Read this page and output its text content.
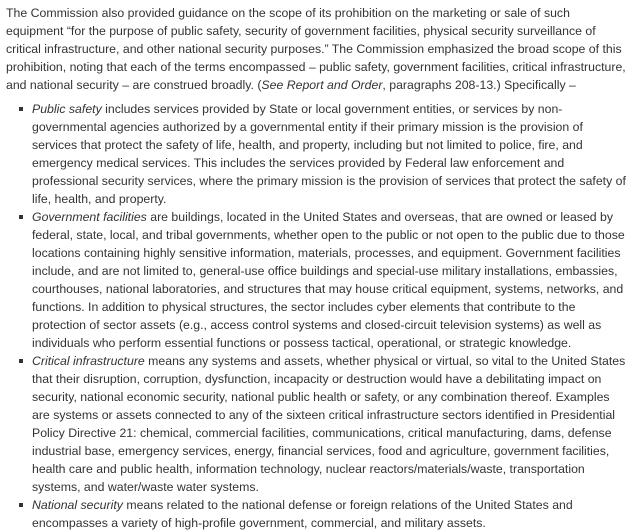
The Commission also provided guidance on the scope of its prohibition on the marketing or sale of such equipment “for the purpose of public safety, security of government facilities, physical security surveillance of critical infrastructure, and other national security purposes.” The Commission emphasized the broad scope of this prohibition, noting that each of the terms encompassed – public safety, government facilities, critical infrastructure, and national security – are construed broadly. (See Report and Order, paragraphs 208-13.) Specifically –

Public safety includes services provided by State or local government entities, or services by non-governmental agencies authorized by a governmental entity if their primary mission is the provision of services that protect the safety of life, health, and property, including but not limited to police, fire, and emergency medical services. This includes the services provided by Federal law enforcement and professional security services, where the primary mission is the provision of services that protect the safety of life, health, and property.
Government facilities are buildings, located in the United States and overseas, that are owned or leased by federal, state, local, and tribal governments, whether open to the public or not open to the public due to those locations containing highly sensitive information, materials, processes, and equipment. Government facilities include, and are not limited to, general-use office buildings and special-use military installations, embassies, courthouses, national laboratories, and structures that may house critical equipment, systems, networks, and functions. In addition to physical structures, the sector includes cyber elements that contribute to the protection of sector assets (e.g., access control systems and closed-circuit television systems) as well as individuals who perform essential functions or possess tactical, operational, or strategic knowledge.
Critical infrastructure means any systems and assets, whether physical or virtual, so vital to the United States that their disruption, corruption, dysfunction, incapacity or destruction would have a debilitating impact on security, national economic security, national public health or safety, or any combination thereof. Examples are systems or assets connected to any of the sixteen critical infrastructure sectors identified in Presidential Policy Directive 21: chemical, commercial facilities, communications, critical manufacturing, dams, defense industrial base, emergency services, energy, financial services, food and agriculture, government facilities, health care and public health, information technology, nuclear reactors/materials/waste, transportation systems, and water/waste water systems.
National security means related to the national defense or foreign relations of the United States and encompasses a variety of high-profile government, commercial, and military assets.
